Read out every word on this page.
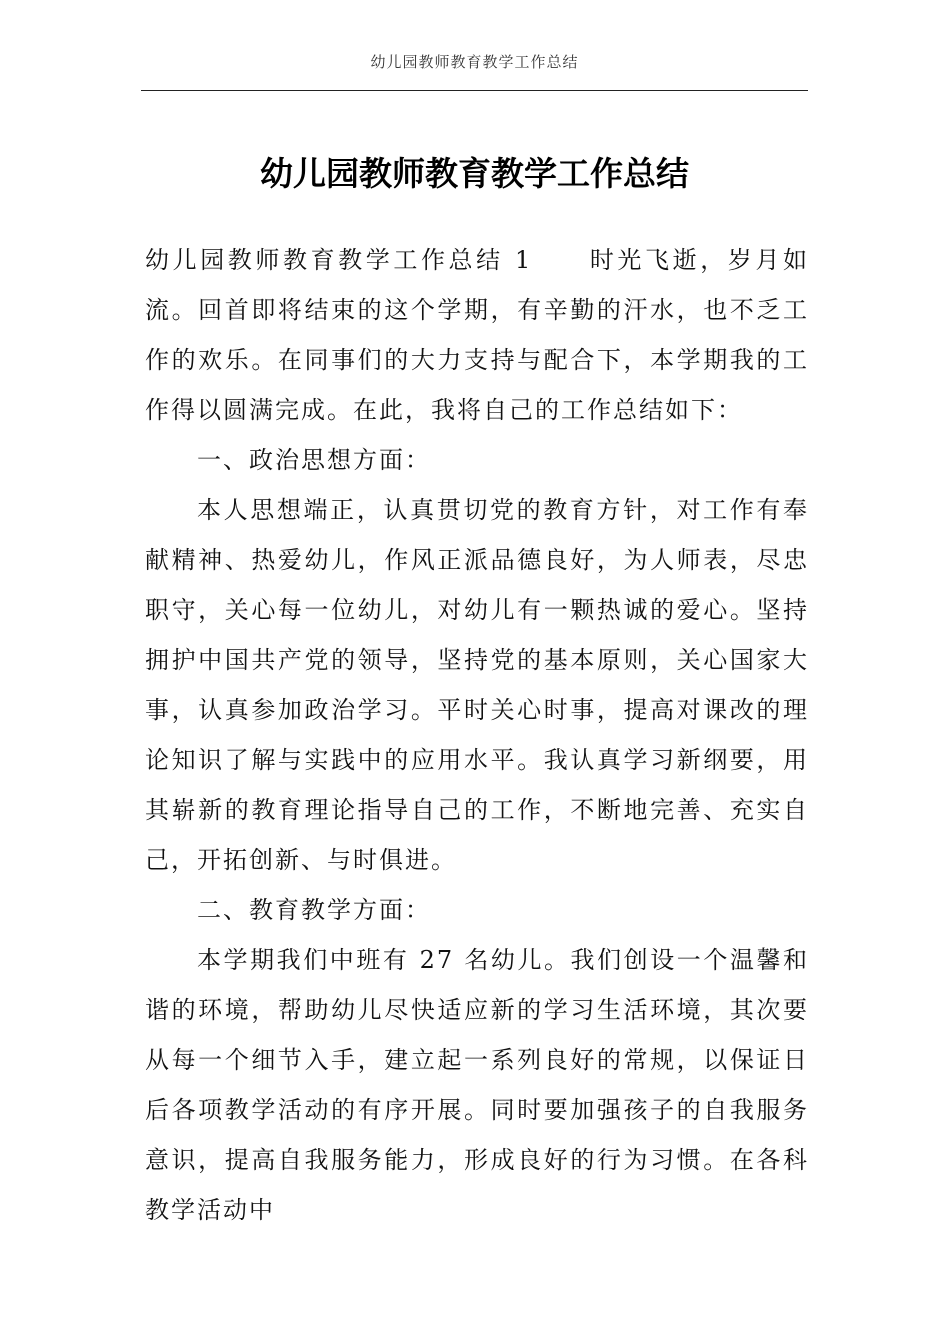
幼儿园教师教育教学工作总结
幼儿园教师教育教学工作总结

幼儿园教师教育教学工作总结 1 时光飞逝，岁月如流。回首即将结束的这个学期，有辛勤的汗水，也不乏工作的欢乐。在同事们的大力支持与配合下，本学期我的工作得以圆满完成。在此，我将自己的工作总结如下：

一、政治思想方面：

本人思想端正，认真贯切党的教育方针，对工作有奉献精神、热爱幼儿，作风正派品德良好，为人师表，尽忠职守，关心每一位幼儿，对幼儿有一颗热诚的爱心。坚持拥护中国共产党的领导，坚持党的基本原则，关心国家大事，认真参加政治学习。平时关心时事，提高对课改的理论知识了解与实践中的应用水平。我认真学习新纲要，用其崭新的教育理论指导自己的工作，不断地完善、充实自己，开拓创新、与时俱进。

二、教育教学方面：

本学期我们中班有 27 名幼儿。我们创设一个温馨和谐的环境，帮助幼儿尽快适应新的学习生活环境，其次要从每一个细节入手，建立起一系列良好的常规，以保证日后各项教学活动的有序开展。同时要加强孩子的自我服务意识，提高自我服务能力，形成良好的行为习惯。在各科教学活动中
